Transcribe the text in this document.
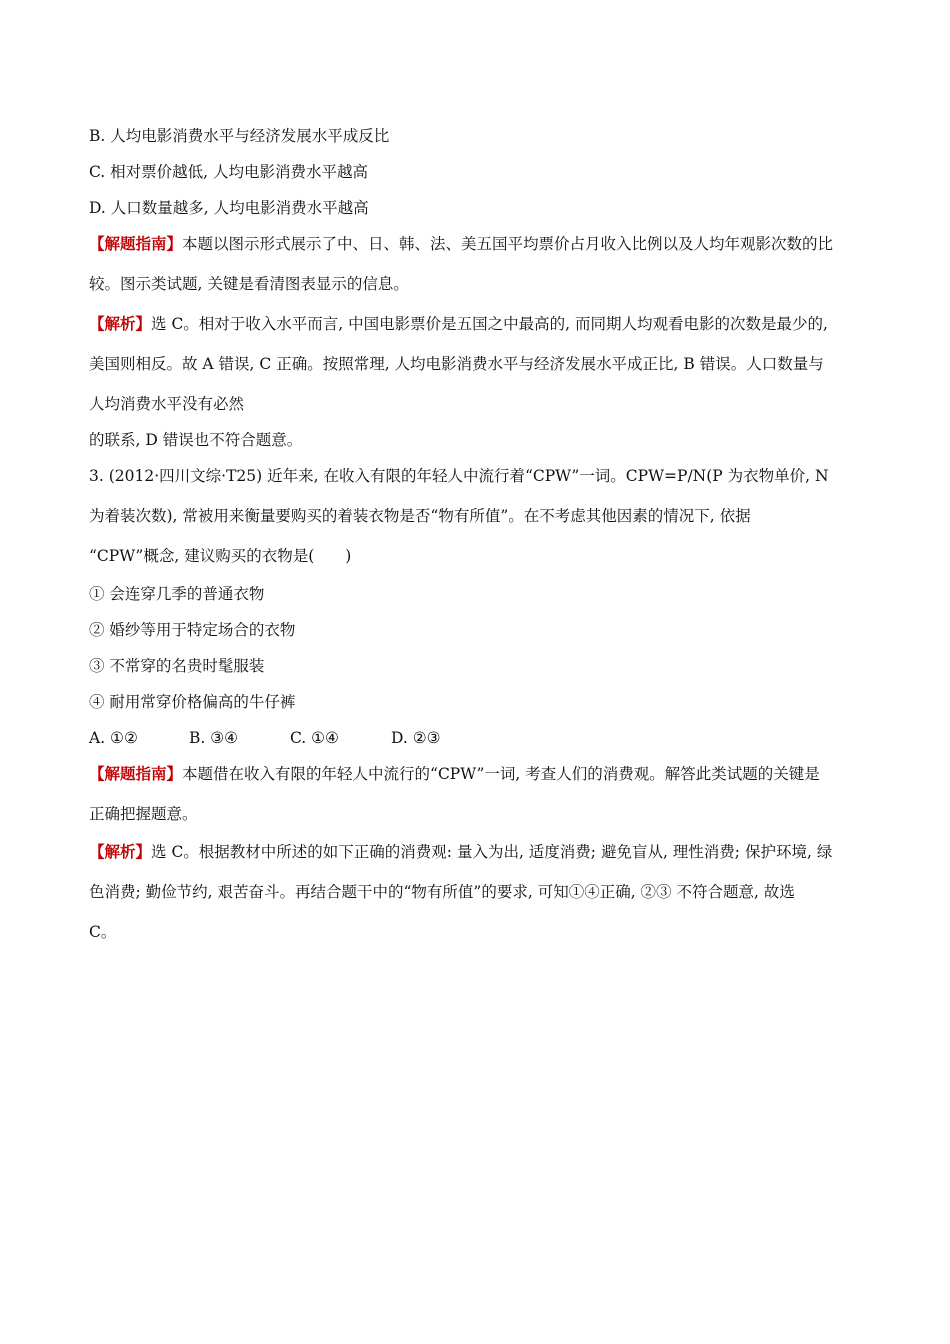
B. 人均电影消费水平与经济发展水平成反比
C. 相对票价越低, 人均电影消费水平越高
D. 人口数量越多, 人均电影消费水平越高
【解题指南】本题以图示形式展示了中、日、韩、法、美五国平均票价占月收入比例以及人均年观影次数的比
较。图示类试题, 关键是看清图表显示的信息。
【解析】选 C。相对于收入水平而言, 中国电影票价是五国之中最高的, 而同期人均观看电影的次数是最少的,
美国则相反。故 A 错误, C 正确。按照常理, 人均电影消费水平与经济发展水平成正比, B 错误。人口数量与
人均消费水平没有必然
的联系, D 错误也不符合题意。
3. (2012·四川文综·T25) 近年来, 在收入有限的年轻人中流行着“CPW”一词。CPW=P/N(P 为衣物单价, N
为着装次数), 常被用来衡量要购买的着装衣物是否“物有所值”。在不考虑其他因素的情况下, 依据
“CPW”概念, 建议购买的衣物是(　　)
① 会连穿几季的普通衣物
② 婚纱等用于特定场合的衣物
③ 不常穿的名贵时髦服装
④ 耐用常穿价格偏高的牛仔裤
A. ①②	B. ③④	C. ①④	D. ②③
【解题指南】本题借在收入有限的年轻人中流行的“CPW”一词, 考查人们的消费观。解答此类试题的关键是
正确把握题意。
【解析】选 C。根据教材中所述的如下正确的消费观: 量入为出, 适度消费; 避免盲从, 理性消费; 保护环境, 绿
色消费; 勤俭节约, 艰苦奋斗。再结合题干中的“物有所值”的要求, 可知①④正确, ②③ 不符合题意, 故选
C。
